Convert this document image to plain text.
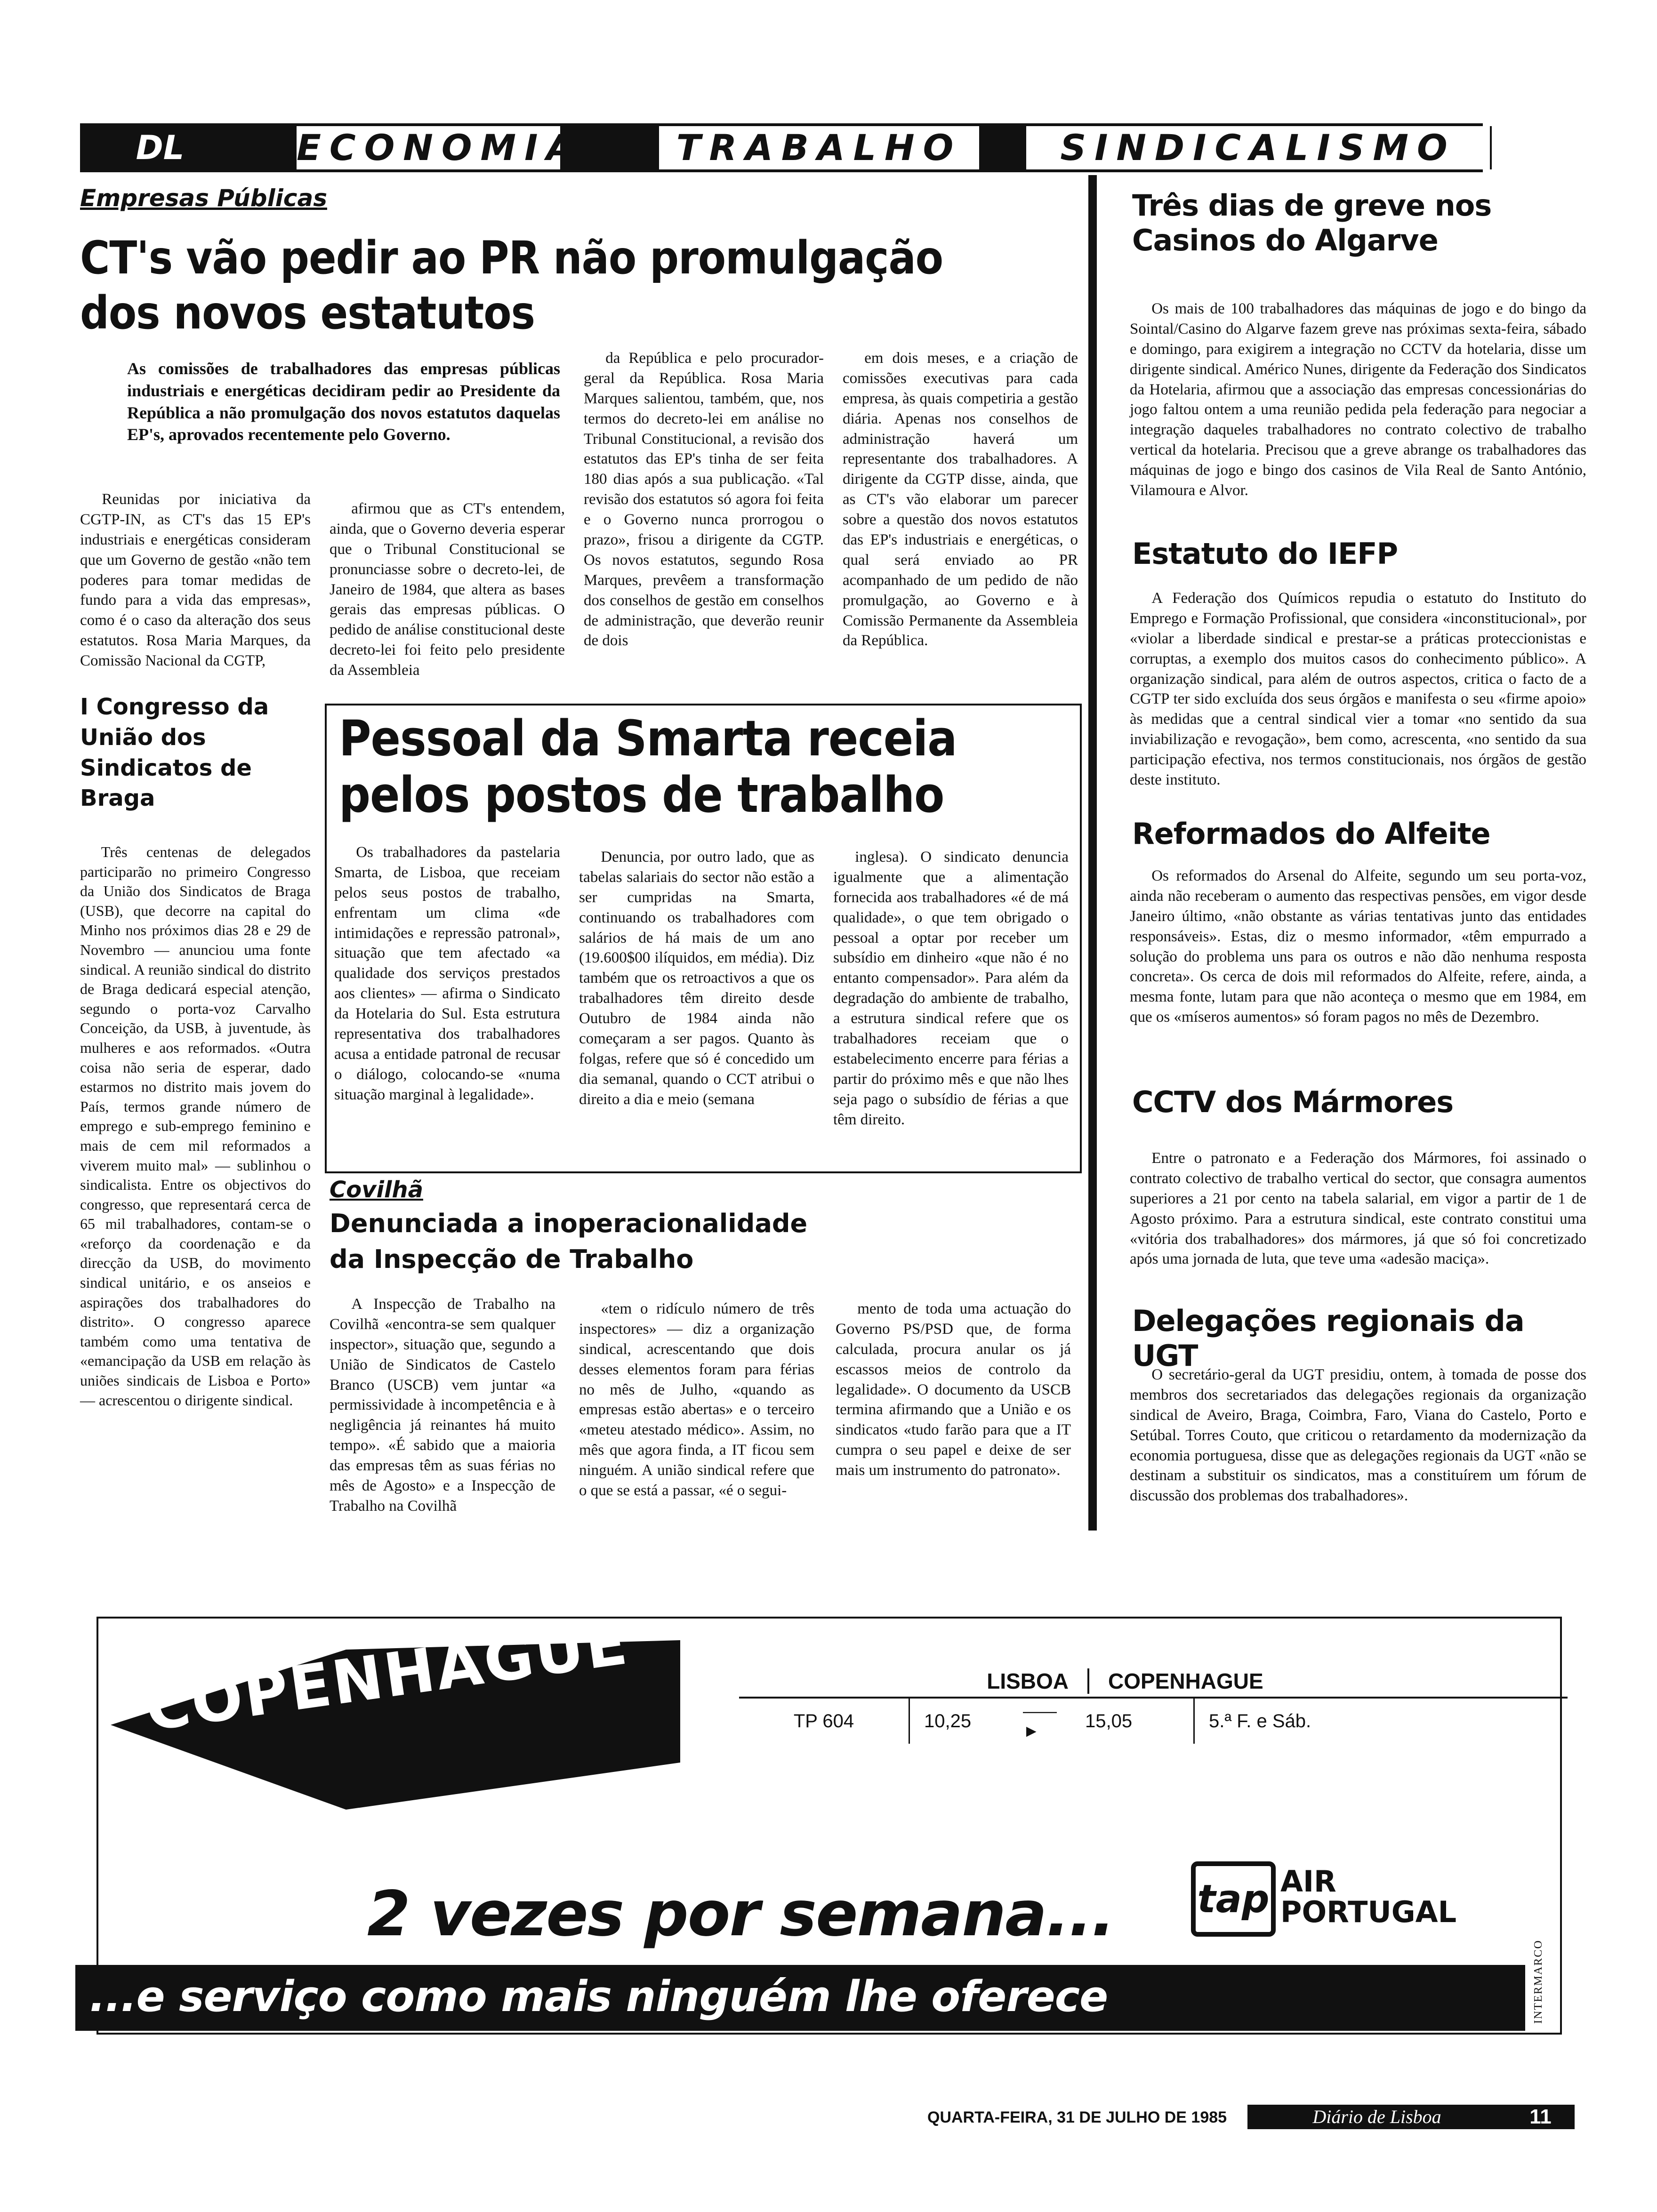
DL	ECONOMIA	TRABALHO	SINDICALISMO
Empresas Públicas
CT's vão pedir ao PR não promulgação
dos novos estatutos
As comissões de trabalhadores das empresas públicas industriais e energéticas decidiram pedir ao Presidente da República a não promulgação dos novos estatutos daquelas EP's, aprovados recentemente pelo Governo.

Reunidas por iniciativa da CGTP-IN, as CT's das 15 EP's industriais e energéticas consideram que um Governo de gestão «não tem poderes para tomar medidas de fundo para a vida das empresas», como é o caso da alteração dos seus estatutos. Rosa Maria Marques, da Comissão Nacional da CGTP,

afirmou que as CT's entendem, ainda, que o Governo deveria esperar que o Tribunal Constitucional se pronunciasse sobre o decreto-lei, de Janeiro de 1984, que altera as bases gerais das empresas públicas. O pedido de análise constitucional deste decreto-lei foi feito pelo presidente da Assembleia

da República e pelo procurador-geral da República. Rosa Maria Marques salientou, também, que, nos termos do decreto-lei em análise no Tribunal Constitucional, a revisão dos estatutos das EP's tinha de ser feita 180 dias após a sua publicação. «Tal revisão dos estatutos só agora foi feita e o Governo nunca prorrogou o prazo», frisou a dirigente da CGTP. Os novos estatutos, segundo Rosa Marques, prevêem a transformação dos conselhos de gestão em conselhos de administração, que deverão reunir de dois

em dois meses, e a criação de comissões executivas para cada empresa, às quais competiria a gestão diária. Apenas nos conselhos de administração haverá um representante dos trabalhadores. A dirigente da CGTP disse, ainda, que as CT's vão elaborar um parecer sobre a questão dos novos estatutos das EP's industriais e energéticas, o qual será enviado ao PR acompanhado de um pedido de não promulgação, ao Governo e à Comissão Permanente da Assembleia da República.

I Congresso da União dos Sindicatos de Braga

Três centenas de delegados participarão no primeiro Congresso da União dos Sindicatos de Braga (USB), que decorre na capital do Minho nos próximos dias 28 e 29 de Novembro — anunciou uma fonte sindical. A reunião sindical do distrito de Braga dedicará especial atenção, segundo o porta-voz Carvalho Conceição, da USB, à juventude, às mulheres e aos reformados. «Outra coisa não seria de esperar, dado estarmos no distrito mais jovem do País, termos grande número de emprego e sub-emprego feminino e mais de cem mil reformados a viverem muito mal» — sublinhou o sindicalista. Entre os objectivos do congresso, que representará cerca de 65 mil trabalhadores, contam-se o «reforço da coordenação e da direcção da USB, do movimento sindical unitário, e os anseios e aspirações dos trabalhadores do distrito». O congresso aparece também como uma tentativa de «emancipação da USB em relação às uniões sindicais de Lisboa e Porto» — acrescentou o dirigente sindical.

Pessoal da Smarta receia
pelos postos de trabalho

Os trabalhadores da pastelaria Smarta, de Lisboa, que receiam pelos seus postos de trabalho, enfrentam um clima «de intimidações e repressão patronal», situação que tem afectado «a qualidade dos serviços prestados aos clientes» — afirma o Sindicato da Hotelaria do Sul. Esta estrutura representativa dos trabalhadores acusa a entidade patronal de recusar o diálogo, colocando-se «numa situação marginal à legalidade».

Denuncia, por outro lado, que as tabelas salariais do sector não estão a ser cumpridas na Smarta, continuando os trabalhadores com salários de há mais de um ano (19.600$00 ilíquidos, em média). Diz também que os retroactivos a que os trabalhadores têm direito desde Outubro de 1984 ainda não começaram a ser pagos. Quanto às folgas, refere que só é concedido um dia semanal, quando o CCT atribui o direito a dia e meio (semana

inglesa). O sindicato denuncia igualmente que a alimentação fornecida aos trabalhadores «é de má qualidade», o que tem obrigado o pessoal a optar por receber um subsídio em dinheiro «que não é no entanto compensador». Para além da degradação do ambiente de trabalho, a estrutura sindical refere que os trabalhadores receiam que o estabelecimento encerre para férias a partir do próximo mês e que não lhes seja pago o subsídio de férias a que têm direito.

Covilhã
Denunciada a inoperacionalidade
da Inspecção de Trabalho

A Inspecção de Trabalho na Covilhã «encontra-se sem qualquer inspector», situação que, segundo a União de Sindicatos de Castelo Branco (USCB) vem juntar «a permissividade à incompetência e à negligência já reinantes há muito tempo». «É sabido que a maioria das empresas têm as suas férias no mês de Agosto» e a Inspecção de Trabalho na Covilhã

«tem o ridículo número de três inspectores» — diz a organização sindical, acrescentando que dois desses elementos foram para férias no mês de Julho, «quando as empresas estão abertas» e o terceiro «meteu atestado médico». Assim, no mês que agora finda, a IT ficou sem ninguém. A união sindical refere que o que se está a passar, «é o segui-

mento de toda uma actuação do Governo PS/PSD que, de forma calculada, procura anular os já escassos meios de controlo da legalidade». O documento da USCB termina afirmando que a União e os sindicatos «tudo farão para que a IT cumpra o seu papel e deixe de ser mais um instrumento do patronato».

Três dias de greve nos Casinos do Algarve

Os mais de 100 trabalhadores das máquinas de jogo e do bingo da Sointal/Casino do Algarve fazem greve nas próximas sexta-feira, sábado e domingo, para exigirem a integração no CCTV da hotelaria, disse um dirigente sindical. Américo Nunes, dirigente da Federação dos Sindicatos da Hotelaria, afirmou que a associação das empresas concessionárias do jogo faltou ontem a uma reunião pedida pela federação para negociar a integração daqueles trabalhadores no contrato colectivo de trabalho vertical da hotelaria. Precisou que a greve abrange os trabalhadores das máquinas de jogo e bingo dos casinos de Vila Real de Santo António, Vilamoura e Alvor.

Estatuto do IEFP

A Federação dos Químicos repudia o estatuto do Instituto do Emprego e Formação Profissional, que considera «inconstitucional», por «violar a liberdade sindical e prestar-se a práticas proteccionistas e corruptas, a exemplo dos muitos casos do conhecimento público». A organização sindical, para além de outros aspectos, critica o facto de a CGTP ter sido excluída dos seus órgãos e manifesta o seu «firme apoio» às medidas que a central sindical vier a tomar «no sentido da sua inviabilização e revogação», bem como, acrescenta, «no sentido da sua participação efectiva, nos termos constitucionais, nos órgãos de gestão deste instituto.

Reformados do Alfeite

Os reformados do Arsenal do Alfeite, segundo um seu porta-voz, ainda não receberam o aumento das respectivas pensões, em vigor desde Janeiro último, «não obstante as várias tentativas junto das entidades responsáveis». Estas, diz o mesmo informador, «têm empurrado a solução do problema uns para os outros e não dão nenhuma resposta concreta». Os cerca de dois mil reformados do Alfeite, refere, ainda, a mesma fonte, lutam para que não aconteça o mesmo que em 1984, em que os «míseros aumentos» só foram pagos no mês de Dezembro.

CCTV dos Mármores

Entre o patronato e a Federação dos Mármores, foi assinado o contrato colectivo de trabalho vertical do sector, que consagra aumentos superiores a 21 por cento na tabela salarial, em vigor a partir de 1 de Agosto próximo. Para a estrutura sindical, este contrato constitui uma «vitória dos trabalhadores» dos mármores, já que só foi concretizado após uma jornada de luta, que teve uma «adesão maciça».

Delegações regionais da UGT

O secretário-geral da UGT presidiu, ontem, à tomada de posse dos membros dos secretariados das delegações regionais da organização sindical de Aveiro, Braga, Coimbra, Faro, Viana do Castelo, Porto e Setúbal. Torres Couto, que criticou o retardamento da modernização da economia portuguesa, disse que as delegações regionais da UGT «não se destinam a substituir os sindicatos, mas a constituírem um fórum de discussão dos problemas dos trabalhadores».

COPENHAGUE	LISBOA	COPENHAGUE
TP 604	10,25	——►	15,05	5.ª F. e Sáb.
2 vezes por semana... tap AIR
PORTUGAL
INTERMARCO
...e serviço como mais ninguém lhe oferece
QUARTA-FEIRA, 31 DE JULHO DE 1985	Diário de Lisboa	11
